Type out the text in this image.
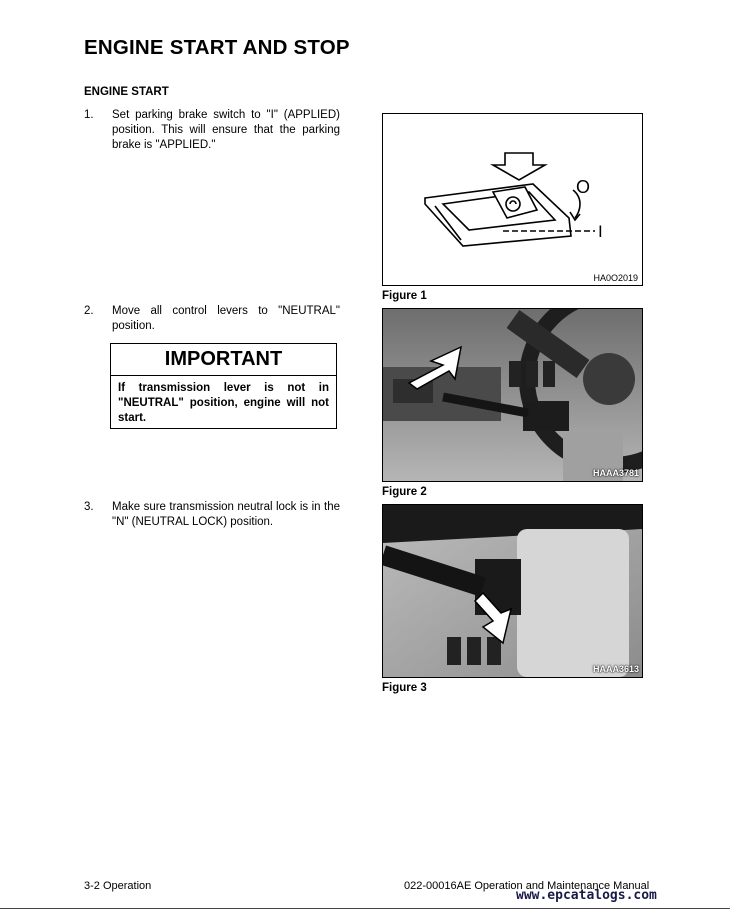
ENGINE START AND STOP
ENGINE START
1. Set parking brake switch to "I" (APPLIED) position. This will ensure that the parking brake is "APPLIED."
2. Move all control levers to "NEUTRAL" position.
3. Make sure transmission neutral lock is in the "N" (NEUTRAL LOCK) position.
IMPORTANT
If transmission lever is not in "NEUTRAL" position, engine will not start.
O
I
HA0O2019
Figure 1
HAAA3781
Figure 2
HAAA3613
Figure 3
3-2 Operation	022-00016AE Operation and Maintenance Manual
www.epcatalogs.com
